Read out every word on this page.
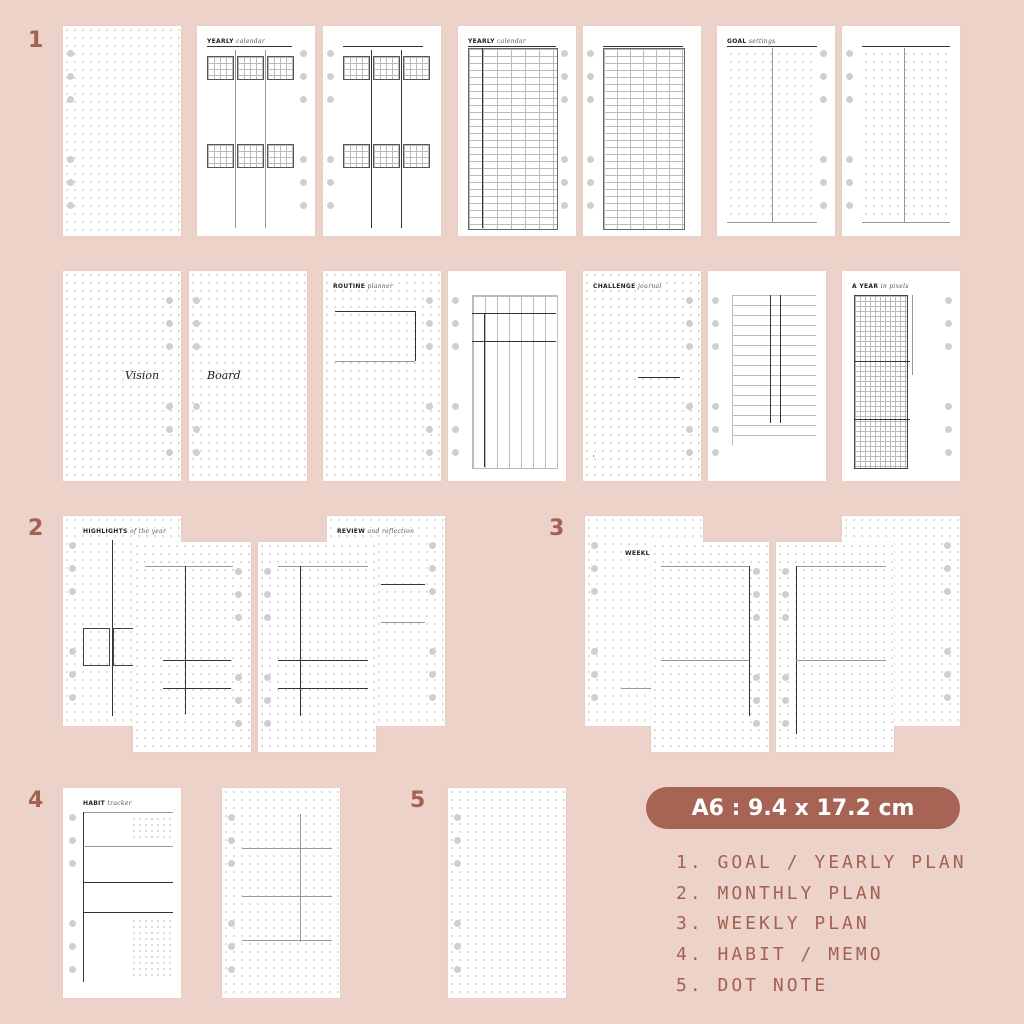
1
2	3
4	5
YEARLY calendar	YEARLY calendar	GOAL settings
Vision	Board
ROUTINE planner	CHALLENGE journal	A YEAR in pixels
HIGHLIGHTS of the year	REVIEW and reflection
WEEKL
HABIT tracker	A6 : 9.4 x 17.2 cm
1. GOAL / YEARLY PLAN
2. MONTHLY PLAN
3. WEEKLY PLAN
4. HABIT / MEMO
5. DOT NOTE
